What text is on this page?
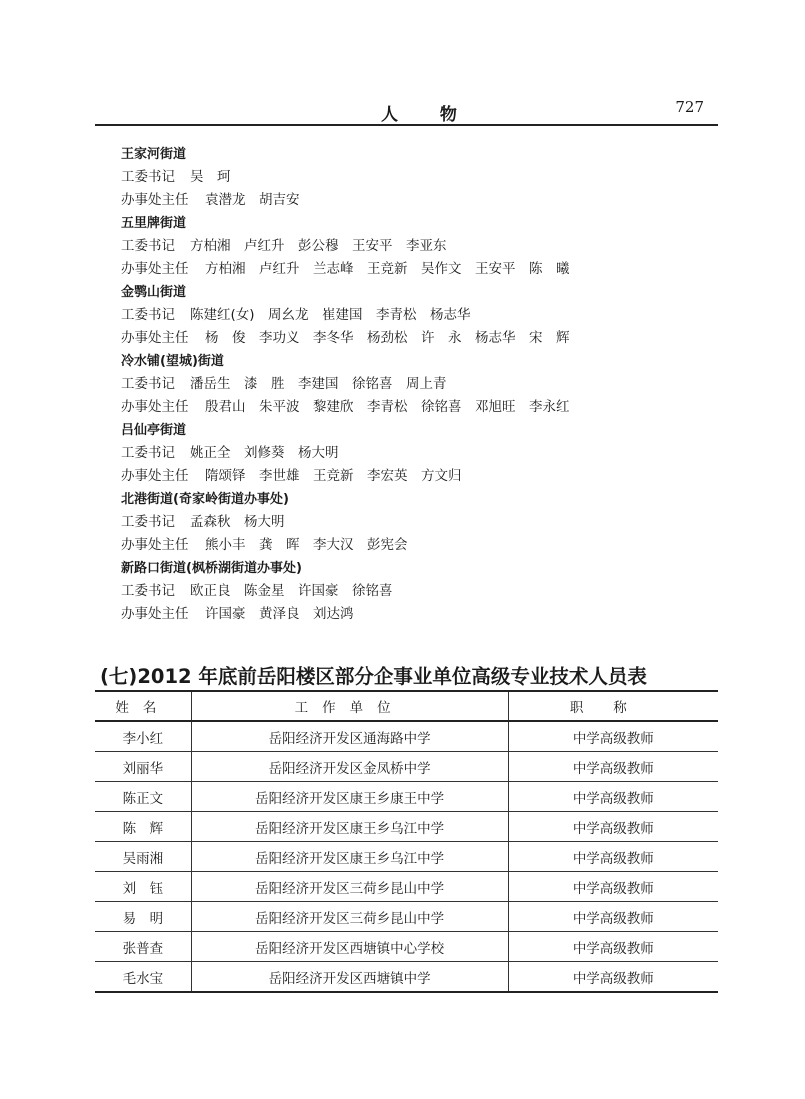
人 物	727
王家河街道
工委书记 吴　珂
办事处主任 袁潜龙　胡吉安
五里牌街道
工委书记 方柏湘　卢红升　彭公穆　王安平　李亚东
办事处主任 方柏湘　卢红升　兰志峰　王竞新　吴作文　王安平　陈　曦
金鹗山街道
工委书记 陈建红(女)　周幺龙　崔建国　李青松　杨志华
办事处主任 杨　俊　李功义　李冬华　杨劲松　许　永　杨志华　宋　辉
冷水铺(望城)街道
工委书记 潘岳生　漆　胜　李建国　徐铭喜　周上青
办事处主任 殷君山　朱平波　黎建欣　李青松　徐铭喜　邓旭旺　李永红
吕仙亭街道
工委书记 姚正全　刘修葵　杨大明
办事处主任 隋颂铎　李世雄　王竞新　李宏英　方文归
北港街道(奇家岭街道办事处)
工委书记 孟森秋　杨大明
办事处主任 熊小丰　龚　晖　李大汉　彭宪会
新路口街道(枫桥湖街道办事处)
工委书记 欧正良　陈金星　许国豪　徐铭喜
办事处主任 许国豪　黄泽良　刘达鸿
(七)2012 年底前岳阳楼区部分企事业单位高级专业技术人员表
姓名	工作单位	职称
李小红	岳阳经济开发区通海路中学	中学高级教师
刘丽华	岳阳经济开发区金凤桥中学	中学高级教师
陈正文	岳阳经济开发区康王乡康王中学	中学高级教师
陈　辉	岳阳经济开发区康王乡乌江中学	中学高级教师
吴雨湘	岳阳经济开发区康王乡乌江中学	中学高级教师
刘　钰	岳阳经济开发区三荷乡昆山中学	中学高级教师
易　明	岳阳经济开发区三荷乡昆山中学	中学高级教师
张普查	岳阳经济开发区西塘镇中心学校	中学高级教师
毛水宝	岳阳经济开发区西塘镇中学	中学高级教师
